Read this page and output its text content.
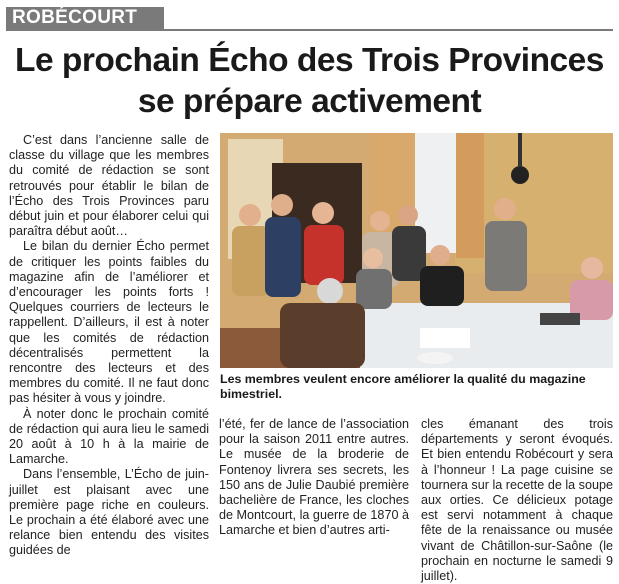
ROBÉCOURT
Le prochain Écho des Trois Provinces
se prépare activement

C’est dans l’ancienne salle de classe du village que les membres du comité de rédaction se sont retrouvés pour établir le bilan de l’Écho des Trois Provinces paru début juin et pour élaborer celui qui paraîtra début août…

Le bilan du dernier Écho permet de critiquer les points faibles du magazine afin de l’améliorer et d’encourager les points forts ! Quelques courriers de lecteurs le rappellent. D’ailleurs, il est à noter que les comités de rédaction décentralisés permettent la rencontre des lecteurs et des membres du comité. Il ne faut donc pas hésiter à vous y joindre.

À noter donc le prochain comité de rédaction qui aura lieu le samedi 20 août à 10 h à la mairie de Lamarche.

Dans l’ensemble, L’Écho de juin-juillet est plaisant avec une première page riche en couleurs. Le prochain a été élaboré avec une relance bien entendu des visites guidées de

Les membres veulent encore améliorer la qualité du magazine bimestriel.

l’été, fer de lance de l’association pour la saison 2011 entre autres. Le musée de la broderie de Fontenoy livrera ses secrets, les 150 ans de Julie Daubié première bachelière de France, les cloches de Montcourt, la guerre de 1870 à Lamarche et bien d’autres arti-

cles émanant des trois départements y seront évoqués. Et bien entendu Robécourt y sera à l’honneur ! La page cuisine se tournera sur la recette de la soupe aux orties. Ce délicieux potage est servi notamment à chaque fête de la renaissance ou musée vivant de Châtillon-sur-Saône (le prochain en nocturne le samedi 9 juillet).
